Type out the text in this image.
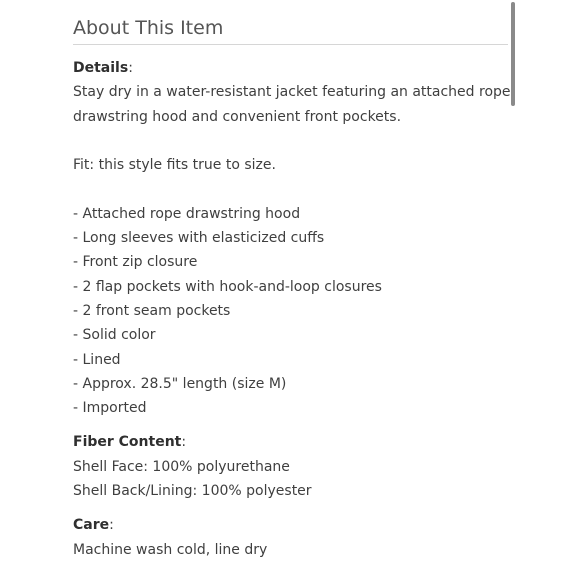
About This Item
Details:
Stay dry in a water-resistant jacket featuring an attached rope
drawstring hood and convenient front pockets.
Fit: this style fits true to size.
- Attached rope drawstring hood
- Long sleeves with elasticized cuffs
- Front zip closure
- 2 flap pockets with hook-and-loop closures
- 2 front seam pockets
- Solid color
- Lined
- Approx. 28.5" length (size M)
- Imported
Fiber Content:
Shell Face: 100% polyurethane
Shell Back/Lining: 100% polyester
Care:
Machine wash cold, line dry
